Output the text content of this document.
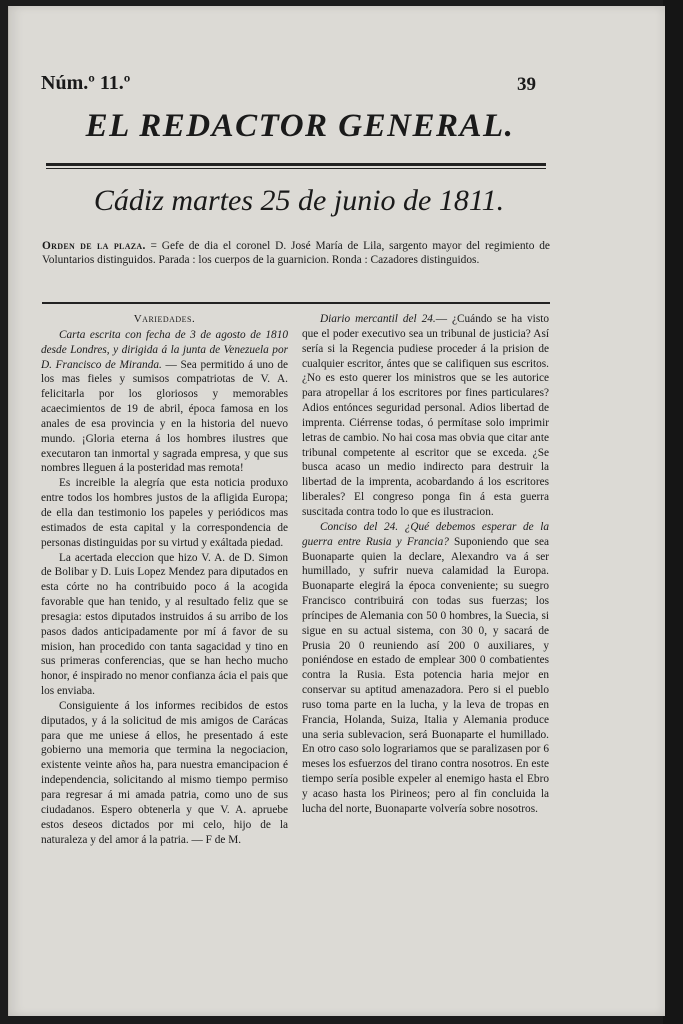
Núm.º 11.º	39
EL REDACTOR GENERAL.
Cádiz martes 25 de junio de 1811.
Orden de la plaza. = Gefe de dia el coronel D. José María de Lila, sargento mayor del regimiento de Voluntarios distinguidos. Parada : los cuerpos de la guarnicion. Ronda : Cazadores distinguidos.

Variedades.

Carta escrita con fecha de 3 de agosto de 1810 desde Londres, y dirigida á la junta de Venezuela por D. Francisco de Miranda. — Sea permitido á uno de los mas fieles y sumisos compatriotas de V. A. felicitarla por los gloriosos y memorables acaecimientos de 19 de abril, época famosa en los anales de esa provincia y en la historia del nuevo mundo. ¡Gloria eterna á los hombres ilustres que executaron tan inmortal y sagrada empresa, y que sus nombres lleguen á la posteridad mas remota!

Es increible la alegría que esta noticia produxo entre todos los hombres justos de la afligida Europa; de ella dan testimonio los papeles y periódicos mas estimados de esta capital y la correspondencia de personas distinguidas por su virtud y exáltada piedad.

La acertada eleccion que hizo V. A. de D. Simon de Bolibar y D. Luis Lopez Mendez para diputados en esta córte no ha contribuido poco á la acogida favorable que han tenido, y al resultado feliz que se presagia: estos diputados instruidos á su arribo de los pasos dados anticipadamente por mí á favor de su mision, han procedido con tanta sagacidad y tino en sus primeras conferencias, que se han hecho mucho honor, é inspirado no menor confianza ácia el pais que los enviaba.

Consiguiente á los informes recibidos de estos diputados, y á la solicitud de mis amigos de Carácas para que me uniese á ellos, he presentado á este gobierno una memoria que termina la negociacion, existente veinte años ha, para nuestra emancipacion é independencia, solicitando al mismo tiempo permiso para regresar á mi amada patria, como uno de sus ciudadanos. Espero obtenerla y que V. A. apruebe estos deseos dictados por mi celo, hijo de la naturaleza y del amor á la patria. — F de M.

Diario mercantil del 24.— ¿Cuándo se ha visto que el poder executivo sea un tribunal de justicia? Así sería si la Regencia pudiese proceder á la prision de cualquier escritor, ántes que se califiquen sus escritos. ¿No es esto querer los ministros que se les autorice para atropellar á los escritores por fines particulares? Adios entónces seguridad personal. Adios libertad de imprenta. Ciérrense todas, ó permítase solo imprimir letras de cambio. No hai cosa mas obvia que citar ante tribunal competente al escritor que se exceda. ¿Se busca acaso un medio indirecto para destruir la libertad de la imprenta, acobardando á los escritores liberales? El congreso ponga fin á esta guerra suscitada contra todo lo que es ilustracion.

Conciso del 24. ¿Qué debemos esperar de la guerra entre Rusia y Francia? Suponiendo que sea Buonaparte quien la declare, Alexandro va á ser humillado, y sufrir nueva calamidad la Europa. Buonaparte elegirá la época conveniente; su suegro Francisco contribuirá con todas sus fuerzas; los príncipes de Alemania con 50 0 hombres, la Suecia, si sigue en su actual sistema, con 30 0, y sacará de Prusia 20 0 reuniendo así 200 0 auxiliares, y poniéndose en estado de emplear 300 0 combatientes contra la Rusia. Esta potencia haria mejor en conservar su aptitud amenazadora. Pero si el pueblo ruso toma parte en la lucha, y la leva de tropas en Francia, Holanda, Suiza, Italia y Alemania produce una seria sublevacion, será Buonaparte el humillado. En otro caso solo lograriamos que se paralizasen por 6 meses los esfuerzos del tirano contra nosotros. En este tiempo sería posible expeler al enemigo hasta el Ebro y acaso hasta los Pirineos; pero al fin concluida la lucha del norte, Buonaparte volvería sobre nosotros.
